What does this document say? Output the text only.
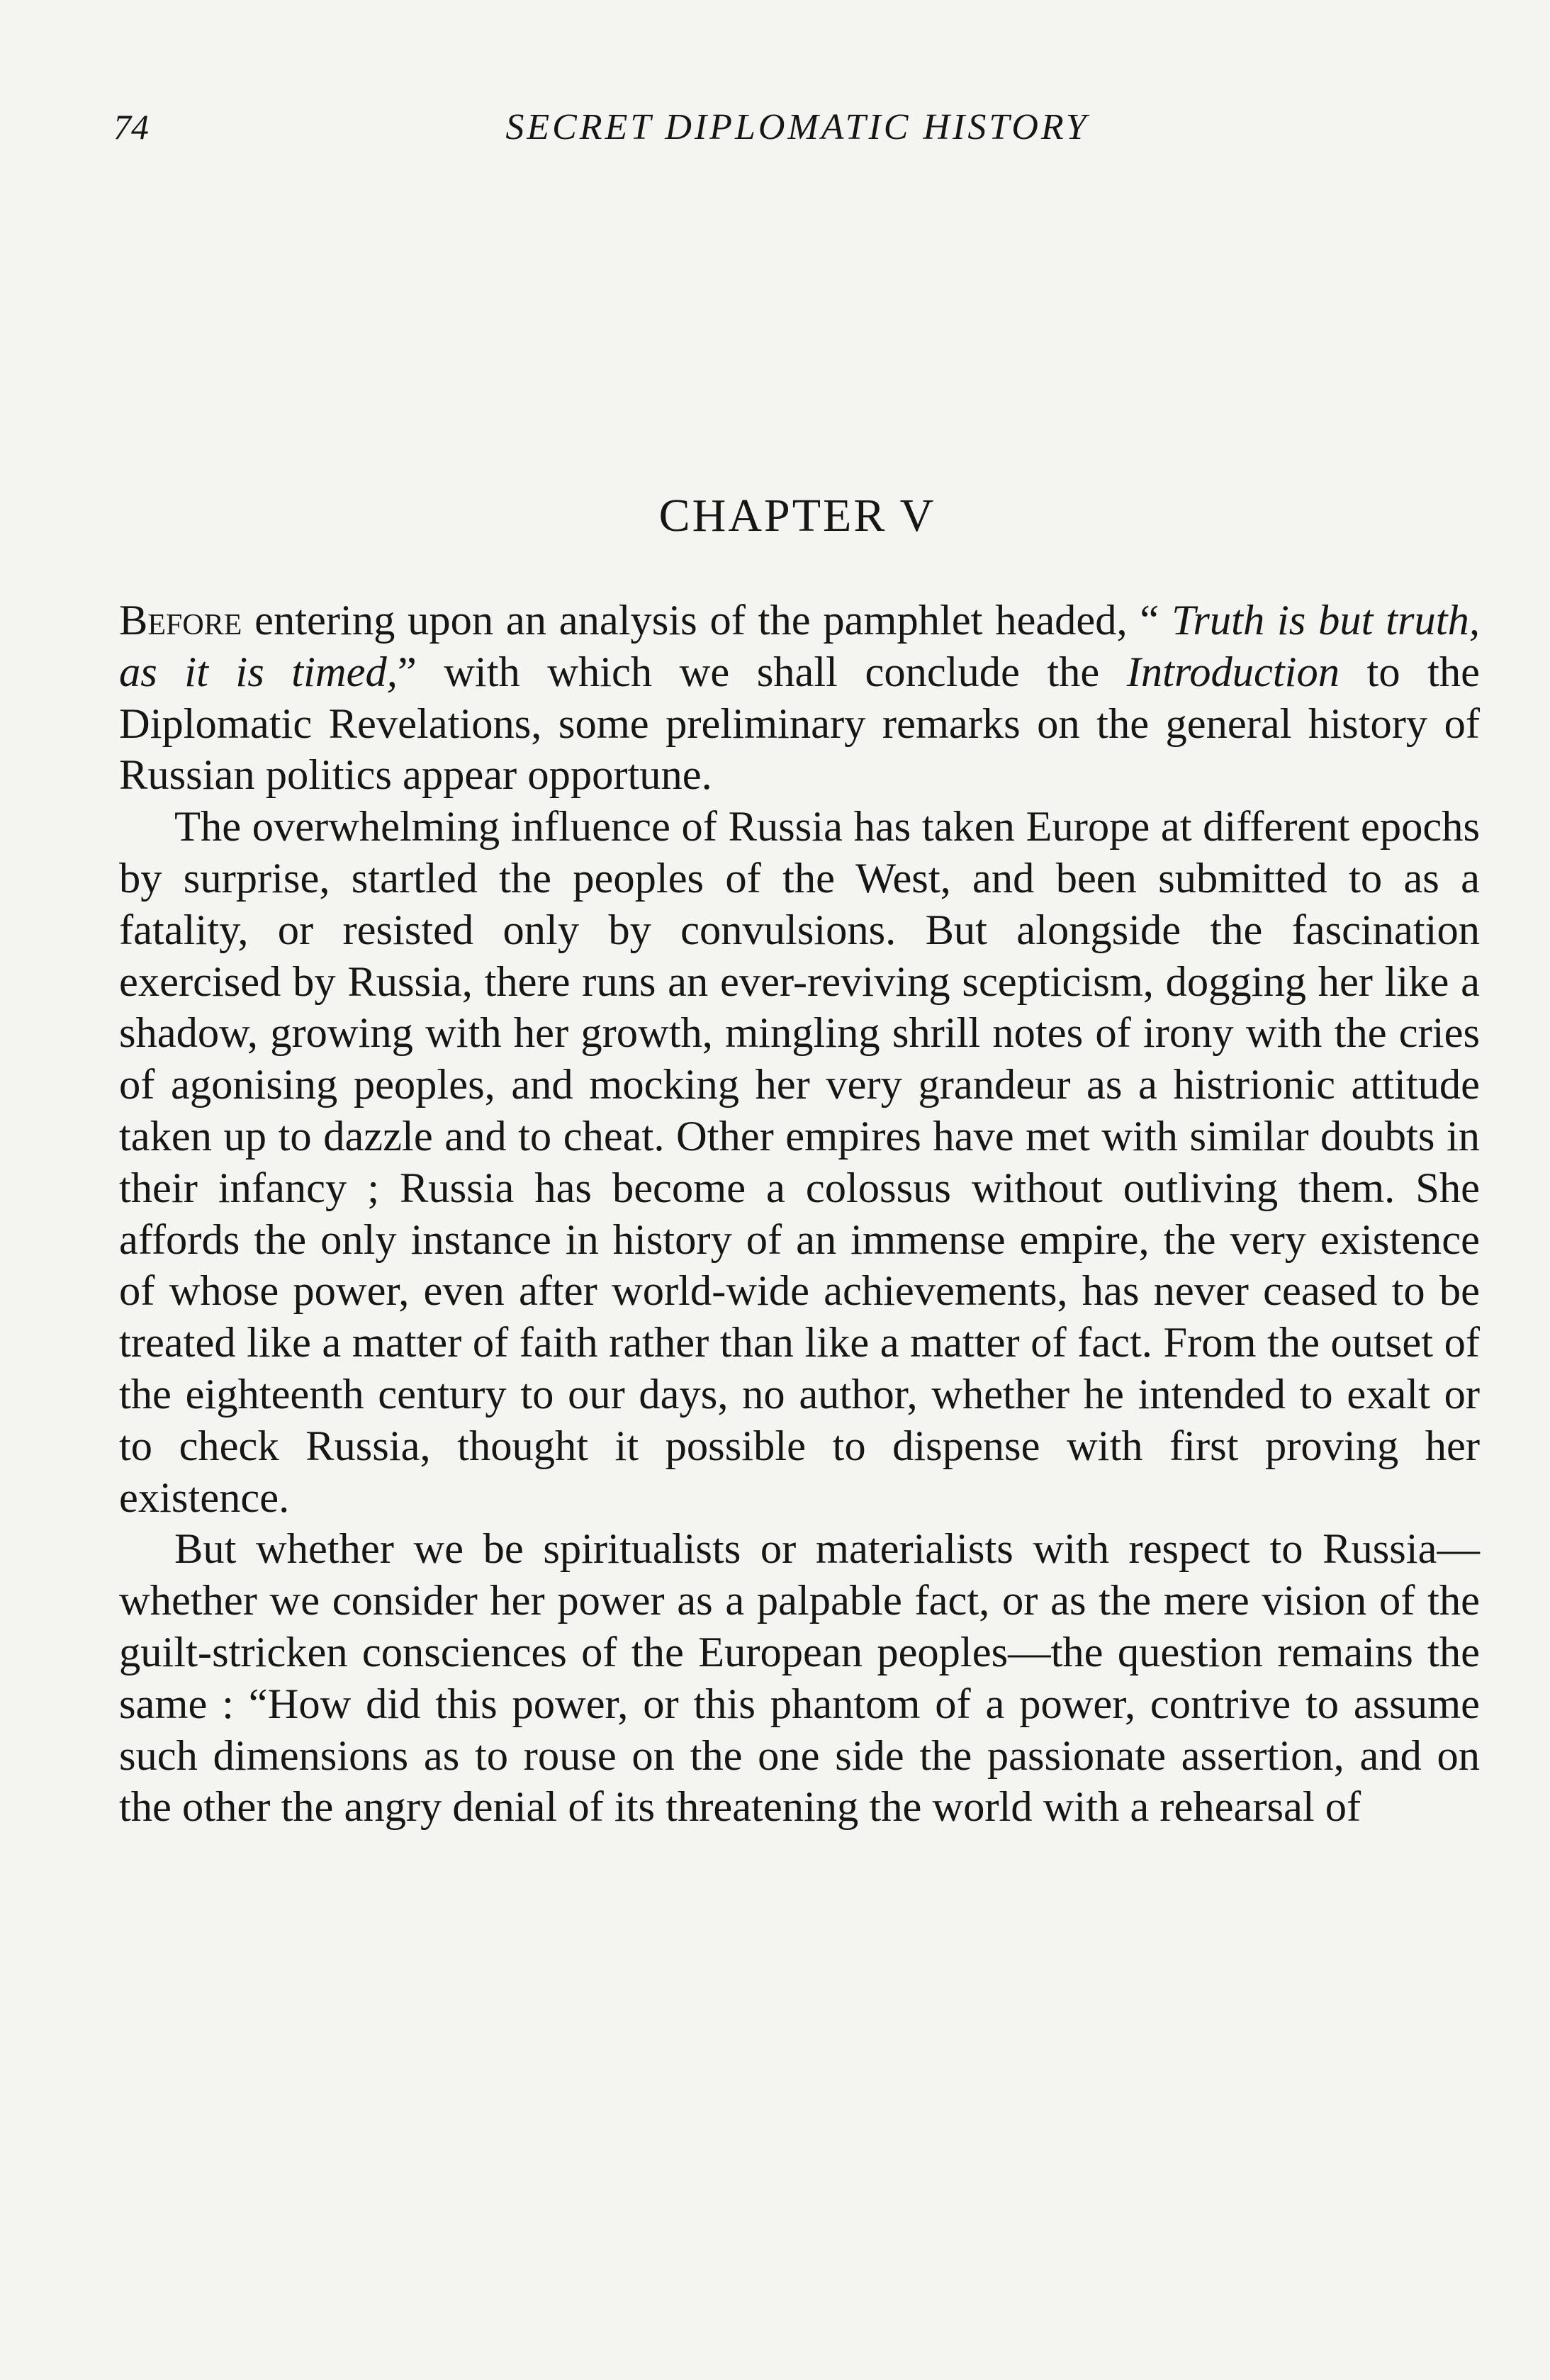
74	SECRET DIPLOMATIC HISTORY
CHAPTER V

Before entering upon an analysis of the pamphlet headed, “ Truth is but truth, as it is timed,” with which we shall conclude the Introduction to the Diplomatic Revelations, some preliminary remarks on the general history of Russian politics appear opportune.

The overwhelming influence of Russia has taken Europe at different epochs by surprise, startled the peoples of the West, and been submitted to as a fatality, or resisted only by convulsions. But alongside the fascination exercised by Russia, there runs an ever-reviving scepticism, dogging her like a shadow, growing with her growth, mingling shrill notes of irony with the cries of agonising peoples, and mocking her very grandeur as a histrionic attitude taken up to dazzle and to cheat. Other empires have met with similar doubts in their infancy ; Russia has become a colossus without outliving them. She affords the only instance in history of an immense empire, the very existence of whose power, even after world-wide achievements, has never ceased to be treated like a matter of faith rather than like a matter of fact. From the outset of the eighteenth century to our days, no author, whether he intended to exalt or to check Russia, thought it possible to dispense with first proving her existence.

But whether we be spiritualists or materialists with respect to Russia—whether we consider her power as a palpable fact, or as the mere vision of the guilt-stricken consciences of the European peoples—the question remains the same : “How did this power, or this phantom of a power, contrive to assume such dimensions as to rouse on the one side the passionate assertion, and on the other the angry denial of its threatening the world with a rehearsal of
